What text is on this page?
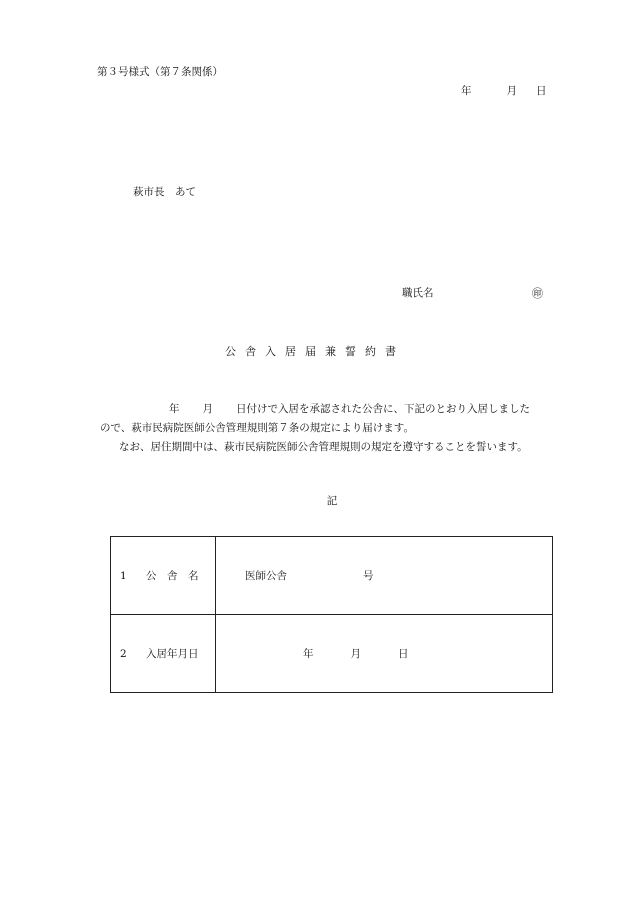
第３号様式（第７条関係）
年	月 日
萩市長　あて
職氏名	㊞
公舎入居届兼誓約書

年 月 日付けで入居を承認された公舎に、下記のとおり入居しました

ので、萩市民病院医師公舎管理規則第７条の規定により届けます。

なお、居住期間中は、萩市民病院医師公舎管理規則の規定を遵守することを誓います。

記
1 公　舎　名	医師公舎 号

2 入居年月日	年 月 日
